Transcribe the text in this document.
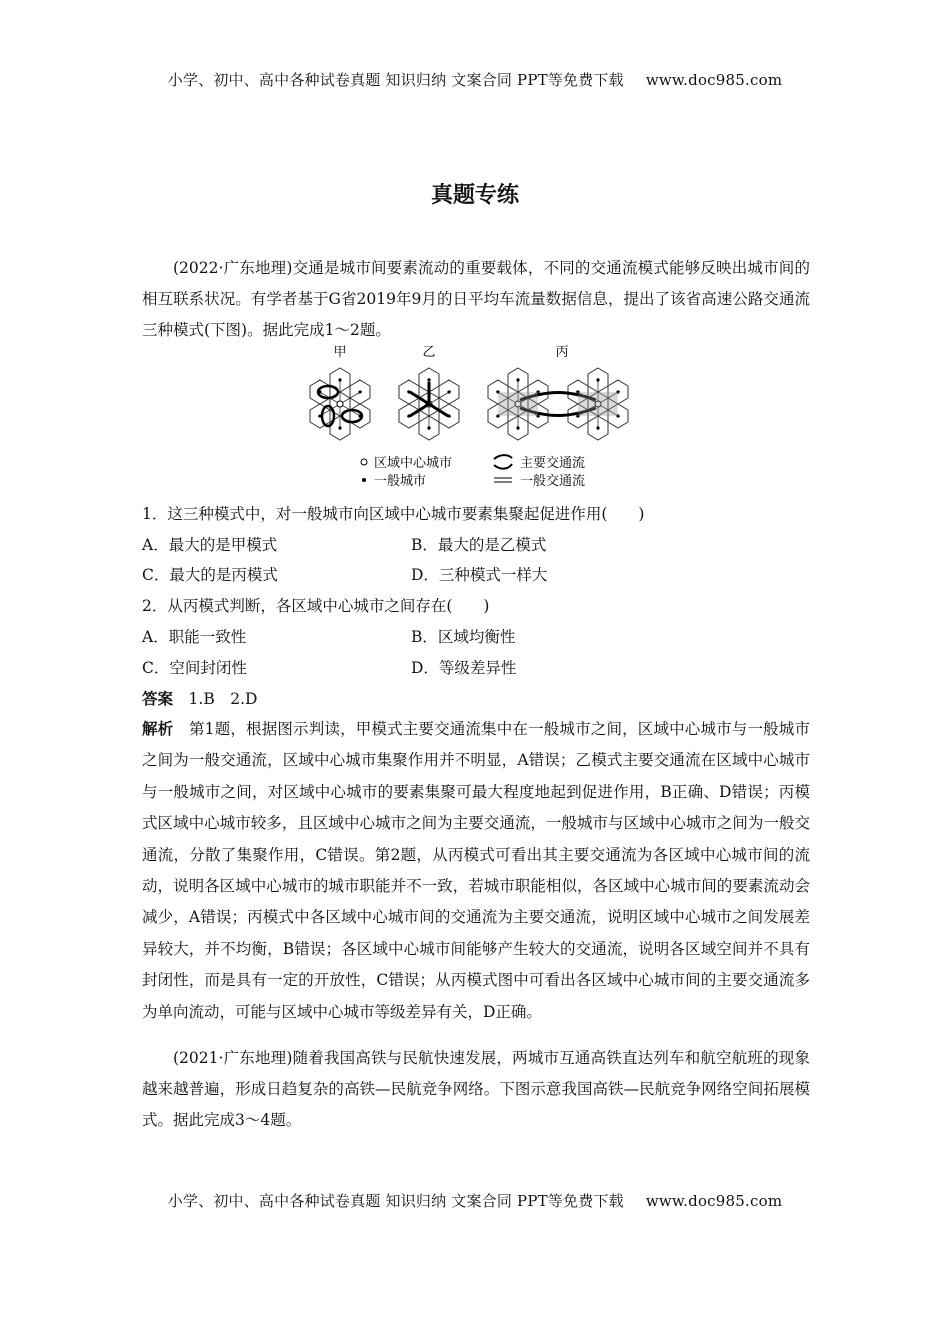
小学、初中、高中各种试卷真题 知识归纳 文案合同 PPT等免费下载 www.doc985.com
真题专练
(2022·广东地理)交通是城市间要素流动的重要载体，不同的交通流模式能够反映出城市间的相互联系状况。有学者基于G省2019年9月的日平均车流量数据信息，提出了该省高速公路交通流三种模式(下图)。据此完成1～2题。
甲	乙	丙
区域中心城市
一般城市
主要交通流
一般交通流
1．这三种模式中，对一般城市向区域中心城市要素集聚起促进作用(　　)
A．最大的是甲模式	B．最大的是乙模式
C．最大的是丙模式	D．三种模式一样大
2．从丙模式判断，各区域中心城市之间存在(　　)
A．职能一致性	B．区域均衡性
C．空间封闭性	D．等级差异性
答案　 1.B　2.D
解析　 第1题，根据图示判读，甲模式主要交通流集中在一般城市之间，区域中心城市与一般城市之间为一般交通流，区域中心城市集聚作用并不明显，A错误；乙模式主要交通流在区域中心城市与一般城市之间，对区域中心城市的要素集聚可最大程度地起到促进作用，B正确、D错误；丙模式区域中心城市较多，且区域中心城市之间为主要交通流，一般城市与区域中心城市之间为一般交通流，分散了集聚作用，C错误。第2题，从丙模式可看出其主要交通流为各区域中心城市间的流动，说明各区域中心城市的城市职能并不一致，若城市职能相似，各区域中心城市间的要素流动会减少，A错误；丙模式中各区域中心城市间的交通流为主要交通流，说明区域中心城市之间发展差异较大，并不均衡，B错误；各区域中心城市间能够产生较大的交通流，说明各区域空间并不具有封闭性，而是具有一定的开放性，C错误；从丙模式图中可看出各区域中心城市间的主要交通流多为单向流动，可能与区域中心城市等级差异有关，D正确。
(2021·广东地理)随着我国高铁与民航快速发展，两城市互通高铁直达列车和航空航班的现象越来越普遍，形成日趋复杂的高铁—民航竞争网络。下图示意我国高铁—民航竞争网络空间拓展模式。据此完成3～4题。
小学、初中、高中各种试卷真题 知识归纳 文案合同 PPT等免费下载 www.doc985.com
